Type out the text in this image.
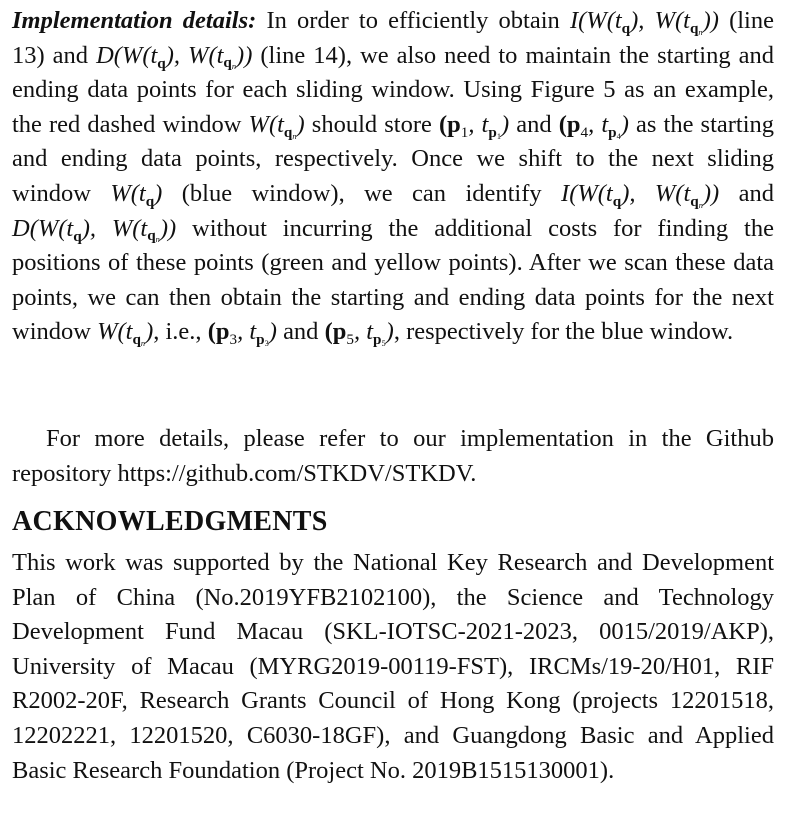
Implementation details: In order to efficiently obtain $I(W(t_q)$, $W(t_{qn})$) (line 13) and $D(W(t_q)$, $W(t_{qn})$) (line 14), we also need to maintain the starting and ending data points for each sliding window. Using Figure 5 as an example, the red dashed window $W(t_{qn})$ should store ($p_1$, $t_{p1}$) and ($p_4$, $t_{p4}$) as the starting and ending data points, respectively. Once we shift to the next sliding window $W(t_q)$ (blue window), we can identify $I(W(t_q)$, $W(t_{qn})$) and $D(W(t_q)$, $W(t_{qn})$) without incurring the additional costs for finding the positions of these points (green and yellow points). After we scan these data points, we can then obtain the starting and ending data points for the next window $W(t_{qn})$, i.e., ($p_3$, $t_{p3}$) and ($p_5$, $t_{p5}$), respectively for the blue window.

For more details, please refer to our implementation in the Github repository https://github.com/STKDV/STKDV.

ACKNOWLEDGMENTS

This work was supported by the National Key Research and Development Plan of China (No.2019YFB2102100), the Science and Technology Development Fund Macau (SKL-IOTSC-2021-2023, 0015/2019/AKP), University of Macau (MYRG2019-00119-FST), IRCMs/19-20/H01, RIF R2002-20F, Research Grants Council of Hong Kong (projects 12201518, 12202221, 12201520, C6030-18GF), and Guangdong Basic and Applied Basic Research Foundation (Project No. 2019B1515130001).
